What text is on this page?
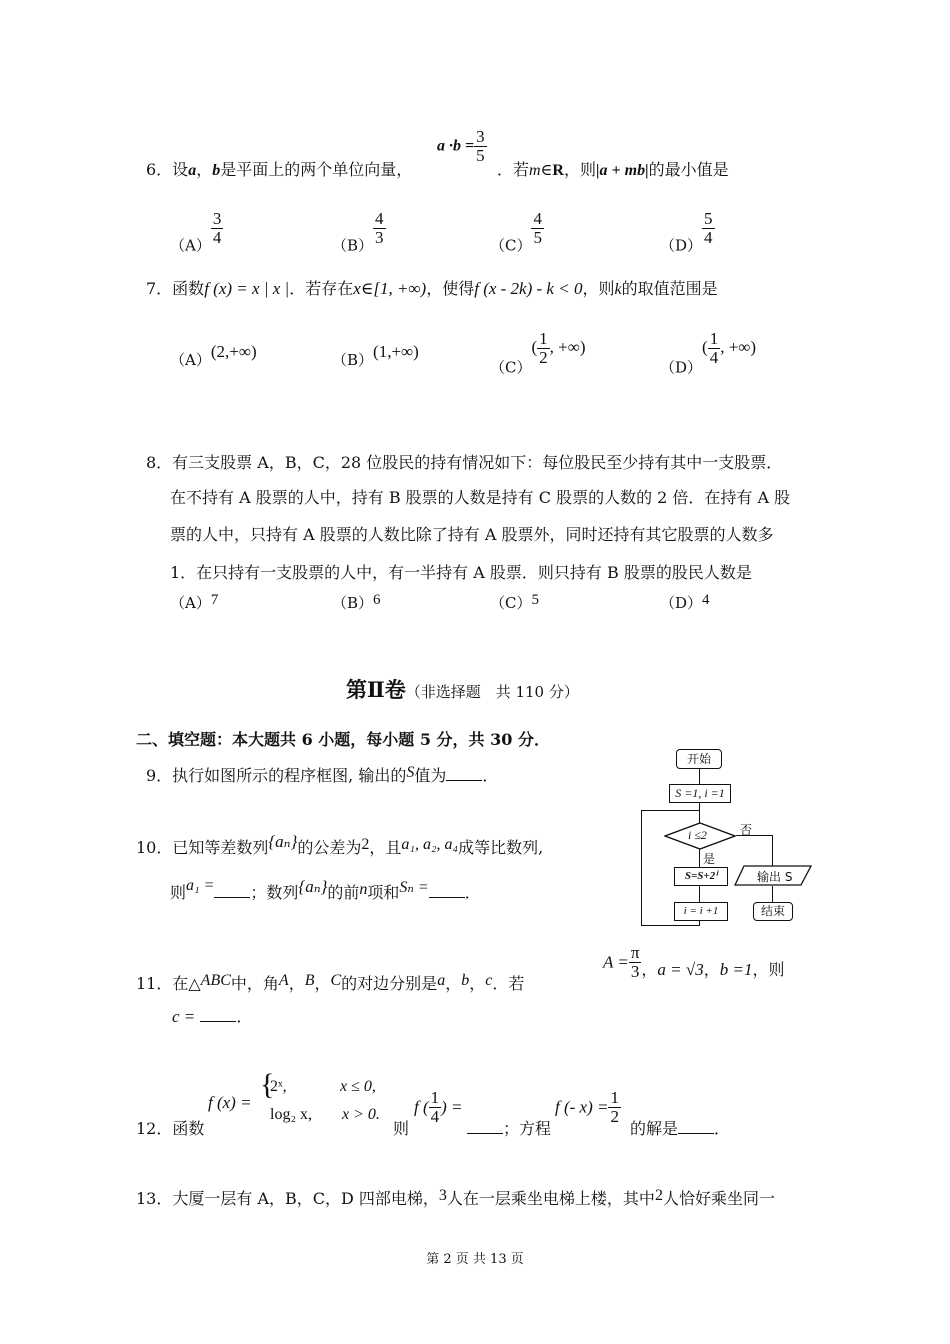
6．设a，b是平面上的两个单位向量，
$a \cdot b = \frac{3}{5}$
．若m∈R，则|a + mb|的最小值是
$(A) \frac{3}{4}$	$(B) \frac{4}{3}$	$(C) \frac{4}{5}$	$(D) \frac{5}{4}$
7．函数f (x) = x | x |．若存在x∈[1, +∞)，使得f (x - 2k) - k < 0，则k的取值范围是
（A）(2,+∞)	（B）(1,+∞)
$(C)( \frac{1}{2}$ , +∞)
$(D)( \frac{1}{4}$ , +∞)
8．有三支股票 A，B，C，28 位股民的持有情况如下：每位股民至少持有其中一支股票．
在不持有 A 股票的人中，持有 B 股票的人数是持有 C 股票的人数的 2 倍．在持有 A 股
票的人中，只持有 A 股票的人数比除了持有 A 股票外，同时还持有其它股票的人数多
1．在只持有一支股票的人中，有一半持有 A 股票．则只持有 B 股票的股民人数是
（A）7	（B）6	（C）5	（D）4
第Ⅱ卷（非选择题　共 110 分）
二、填空题：本大题共 6 小题，每小题 5 分，共 30 分．
9．执行如图所示的程序框图, 输出的S值为 ．
开始
S =1, i =1
i ≤2	否
输出 S
结束
是
S=S+2ⁱ
i = i +1
10．已知等差数列{aₙ}的公差为2，且a₁, a₂, a₄成等比数列,
则a₁ = ；数列{aₙ}的前n项和Sₙ = ．
11．在△ABC中，角A，B，C的对边分别是a，b，c．若
$A = \frac{\pi}{3}$ ，a = √3，b =1，则
c =	．
12．函数
f (x) =
{
2ˣ,	x ≤ 0,
log₂ x, x > 0.
则
f ( $\frac{1}{4}$ ) =
；方程
f (- $x) = \frac{1}{2}$
的解是 ．
13．大厦一层有 A，B，C，D 四部电梯，3人在一层乘坐电梯上楼，其中2人恰好乘坐同一
第 2 页 共 13 页
